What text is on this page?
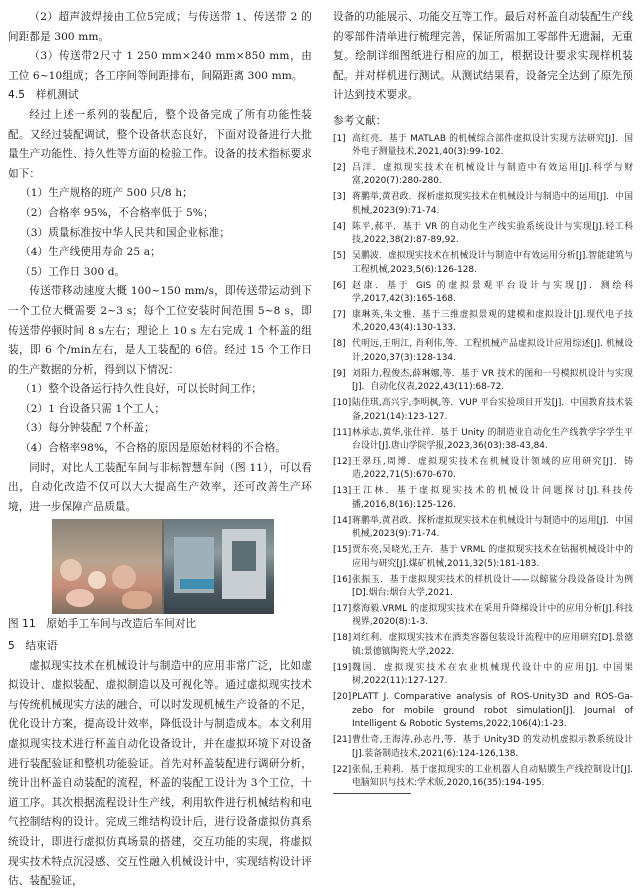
（2）超声波焊接由工位5完成；与传送带 1、传送带 2 的间距都是 300 mm。

（3）传送带2尺寸 1 250 mm×240 mm×850 mm，由工位 6~10组成；各工序间等间距排布，间隔距离 300 mm。

4.5　样机测试

经过上述一系列的装配后，整个设备完成了所有功能性装配。又经过装配调试，整个设备状态良好，下面对设备进行大批量生产功能性、持久性等方面的检验工作。设备的技术指标要求如下：

（1）生产规格的班产 500 只/8 h；

（2）合格率 95%，不合格率低于 5%；

（3）质量标准按中华人民共和国企业标准；

（4）生产线使用寿命 25 a；

（5）工作日 300 d。

传送带移动速度大概 100~150 mm/s，即传送带运动到下一个工位大概需要 2~3 s；每个工位安装时间范围 5~8 s，即传送带停顿时间 8 s左右；理论上 10 s 左右完成 1 个杯盖的组装，即 6 个/min左右，是人工装配的 6倍。经过 15 个工作日的生产数据的分析，得到以下情况：

（1）整个设备运行持久性良好，可以长时间工作；

（2）1 台设备只需 1个工人；

（3）每分钟装配 7个杯盖；

（4）合格率98%，不合格的原因是原始材料的不合格。

同时，对比人工装配车间与非标智慧车间（图 11），可以看出，自动化改造不仅可以大大提高生产效率，还可改善生产环境，进一步保障产品质量。

图 11　原始手工车间与改造后车间对比

5　结束语

虚拟现实技术在机械设计与制造中的应用非常广泛，比如虚拟设计、虚拟装配、虚拟制造以及可视化等。通过虚拟现实技术与传统机械现实方法的融合，可以时发现机械生产设备的不足，优化设计方案，提高设计效率，降低设计与制造成本。本文利用虚拟现实技术进行杯盖自动化设备设计，并在虚拟环境下对设备进行装配验证和整机功能验证。首先对杯盖装配进行调研分析，统计出杯盖自动装配的流程，杯盖的装配工设计为 3个工位，十道工序。其次根据流程设计生产线，利用软件进行机械结构和电气控制结构的设计。完成三维结构设计后，进行设备虚拟仿真系统设计，即进行虚拟仿真场景的搭建，交互功能的实现，将虚拟现实技术特点沉浸感、交互性融入机械设计中，实现结构设计评估、装配验证，

设备的功能展示、功能交互等工作。最后对杯盖自动装配生产线的零部件清单进行梳理完善，保证所需加工零部件无遗漏，无重复。绘制详细图纸进行相应的加工，根据设计要求实现样机装配。并对样机进行测试。从测试结果看，设备完全达到了原先预计达到技术要求。

参考文献：

[1] 高红亮．基于 MATLAB 的机械综合部件虚拟设计实现方法研究[J]．国外电子测量技术,2021,40(3):99-102.
[2] 吕洋．虚拟现实技术在机械设计与制造中有效运用[J].科学与财富,2020(7):280-280.
[3] 蒋鹏举,黄君政．探析虚拟现实技术在机械设计与制造中的运用[J]．中国机械,2023(9):71-74.
[4] 陈平,郝平．基于 VR 的自动化生产线实验系统设计与实现[J].轻工科技,2022,38(2):87-89,92.
[5] 吴鹏波．虚拟现实技术在机械设计与制造中有效运用分析[J].智能建筑与工程机械,2023,5(6):126-128.
[6] 赵康．基于 GIS 的虚拟景观平台设计与实现[J]．测绘科学,2017,42(3):165-168.
[7] 康琳英,朱文雅．基于三维虚拟景观的建模和虚拟设计[J].现代电子技术,2020,43(4):130-133.
[8] 代明远,王明江, 肖利伟,等．工程机械产品虚拟设计应用综述[J]. 机械设计,2020,37(3):128-134.
[9] 刘阳力,程俊杰,薛琳娜,等．基于 VR 技术的图和一号模拟机设计与实现[J]．自动化仪表,2022,43(11):68-72.
[10] 陆佳琪,高兴宇,李明枫,等．VUP 平台实验项目开发[J]．中国教育技术装备,2021(14):123-127.
[11] 林承志,黄华,张仕祥．基于 Unity 的制造业自动化生产线教学字学生平台设计[J].唐山学院学报,2023,36(03):38-43,84.
[12] 王翠珏,周博．虚拟现实技术在机械设计领域的应用研究[J]．铸造,2022,71(5):670-670.
[13] 王江林．基于虚拟现实技术的机械设计问题探讨[J].科技传播,2016,8(16):125-126.
[14] 蒋鹏举,黄君政．探析虚拟现实技术在机械设计与制造中的运用[J]．中国机械,2023(9):71-74.
[15] 贾东亮,吴晓光,王卉．基于 VRML 的虚拟现实技术在钻掘机械设计中的应用与研究[J].煤矿机械,2011,32(5):181-183.
[16] 张振玉．基于虚拟现实技术的样机设计——以鲸鲨分段设备设计为例[D].烟台:烟台大学,2021.
[17] 蔡海毅.VRML 的虚拟现实技术在采用升降梯设计中的应用分析[J].科技视界,2020(8):1-3.
[18] 刘红利．虚拟现实技术在酒类容器包装设计流程中的应用研究[D].景德镇:景德镇陶瓷大学,2022.
[19] 魏国．虚拟现实技术在农业机械现代设计中的应用[J]. 中国果树,2022(11):127-127.
[20] PLATT J. Comparative analysis of ROS-Unity3D and ROS-Ga- zebo for mobile ground robot simulation[J]. Journal of Intelligent & Robotic Systems,2022,106(4):1-23.
[21] 曹仕奇,王海涛,孙志丹,等．基于 Unity3D 的发动机虚拟示教系统设计[J].装备制造技术,2021(6):124-126,138.
[22] 张侃,王莉莉．基于虚拟现实的工业机器人自动贴膜生产线控制设计[J]. 电脑知识与技术:学术版,2020,16(35):194-195.
